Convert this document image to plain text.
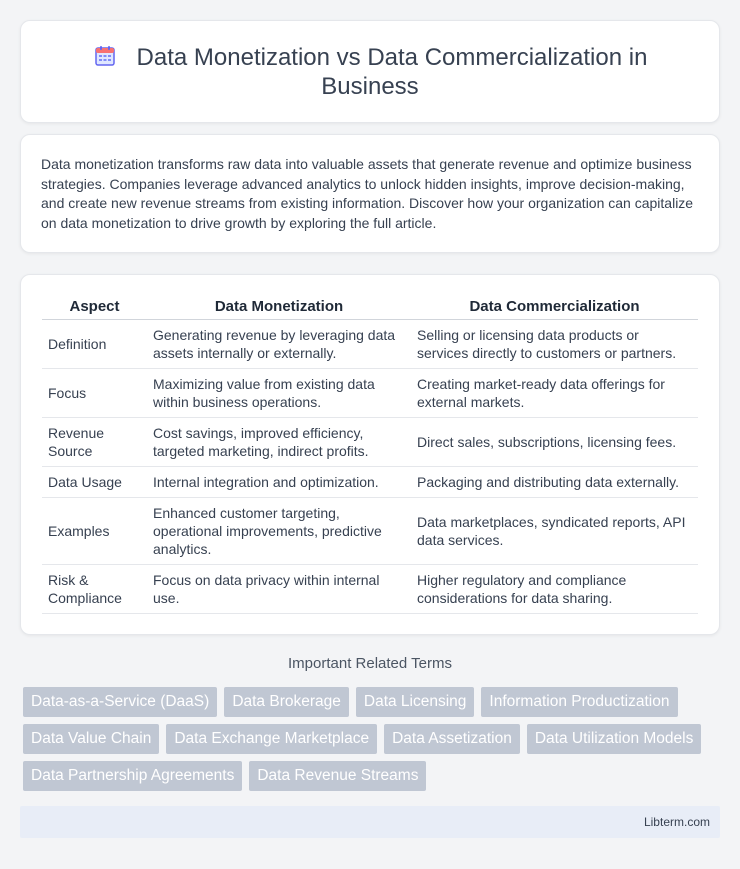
Data Monetization vs Data Commercialization in Business

Data monetization transforms raw data into valuable assets that generate revenue and optimize business strategies. Companies leverage advanced analytics to unlock hidden insights, improve decision-making, and create new revenue streams from existing information. Discover how your organization can capitalize on data monetization to drive growth by exploring the full article.

Aspect	Data Monetization	Data Commercialization
Definition	Generating revenue by leveraging data assets internally or externally.	Selling or licensing data products or services directly to customers or partners.
Focus	Maximizing value from existing data within business operations.	Creating market-ready data offerings for external markets.
Revenue Source	Cost savings, improved efficiency, targeted marketing, indirect profits.	Direct sales, subscriptions, licensing fees.
Data Usage	Internal integration and optimization.	Packaging and distributing data externally.
Examples	Enhanced customer targeting, operational improvements, predictive analytics.	Data marketplaces, syndicated reports, API data services.
Risk & Compliance	Focus on data privacy within internal use.	Higher regulatory and compliance considerations for data sharing.
Important Related Terms
Data-as-a-Service (DaaS)	Data Brokerage	Data Licensing	Information Productization
Data Value Chain	Data Exchange Marketplace	Data Assetization	Data Utilization Models
Data Partnership Agreements	Data Revenue Streams
Libterm.com
